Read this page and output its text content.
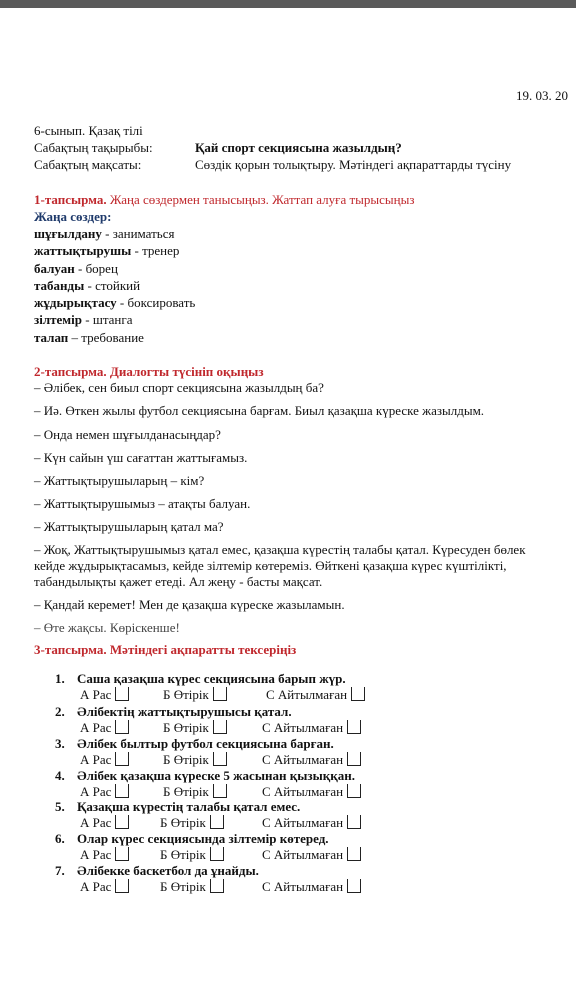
19. 03. 20
6-сынып. Қазақ тілі
Сабақтың тақырыбы:	Қай спорт секциясына жазылдың?
Сабақтың мақсаты:	Сөздік қорын толықтыру. Мәтіндегі ақпараттарды түсіну
1-тапсырма. Жаңа сөздермен танысыңыз. Жаттап алуға тырысыңыз
Жаңа сөздер:
шұғылдану - заниматься
жаттықтырушы - тренер
балуан - борец
табанды - стойкий
жұдырықтасу - боксировать
зілтемір - штанга
талап – требование
2-тапсырма. Диалогты түсініп оқыңыз
– Әлібек, сен биыл спорт секциясына жазылдың ба?
– Иә. Өткен жылы футбол секциясына барғам. Биыл қазақша күреске жазылдым.
– Онда немен шұғылданасыңдар?
– Күн сайын үш сағаттан жаттығамыз.
– Жаттықтырушыларың – кім?
– Жаттықтырушымыз – атақты балуан.
– Жаттықтырушыларың қатал ма?
– Жоқ, Жаттықтырушымыз қатал емес, қазақша күрестің талабы қатал. Күресуден бөлек
кейде жұдырықтасамыз, кейде зілтемір көтереміз. Өйткені қазақша күрес күштілікті,
табандылықты қажет етеді. Ал жеңу - басты мақсат.
– Қандай керемет! Мен де қазақша күреске жазыламын.
– Өте жақсы. Көріскенше!
3-тапсырма. Мәтіндегі ақпаратты тексеріңіз
1. Саша қазақша күрес секциясына барып жүр.
А Рас	Б Өтірік	С Айтылмаған
2. Әлібектің жаттықтырушысы қатал.
А Рас	Б Өтірік	С Айтылмаған
3. Әлібек былтыр футбол секциясына барған.
А Рас	Б Өтірік	С Айтылмаған
4. Әлібек қазақша күреске 5 жасынан қызыққан.
А Рас	Б Өтірік	С Айтылмаған
5. Қазақша күрестің талабы қатал емес.
А Рас	Б Өтірік	С Айтылмаған
6. Олар күрес секциясында зілтемір көтеред.
А Рас	Б Өтірік	С Айтылмаған
7. Әлібекке баскетбол да ұнайды.
А Рас	Б Өтірік	С Айтылмаған
